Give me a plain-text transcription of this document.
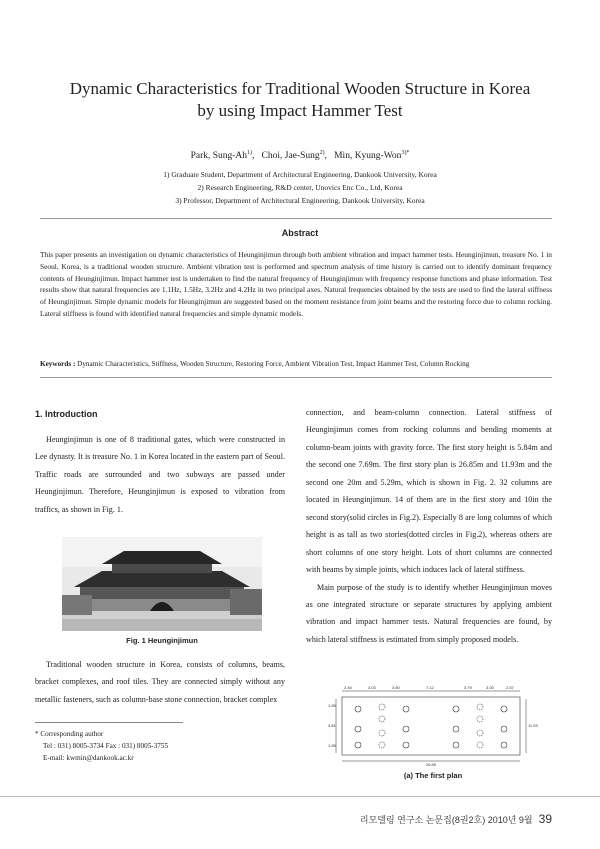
Dynamic Characteristics for Traditional Wooden Structure in Korea
by using Impact Hammer Test
Park, Sung-Ah$^{1)}$,   Choi, Jae-Sung$^{2)}$,   Min, Kyung-Won$^{3)*}$
1) Graduate Student, Department of Architectural Engineering, Dankook University, Korea
2) Research Engineering, R&D center, Unovics Enc Co., Ltd, Korea
3) Professor, Department of Architectural Engineering, Dankook University, Korea
Abstract
This paper presents an investigation on dynamic characteristics of Heunginjimun through both ambient vibration and impact hammer tests. Heunginjimun, treasure No. 1 in Seoul, Korea, is a traditional wooden structure. Ambient vibration test is performed and spectrum analysis of time history is carried out to identify dominant frequency contents of Heunginjimun. Impact hammer test is undertaken to find the natural frequency of Heunginjimun with frequency response functions and phase information. Test results show that natural frequencies are 1.1Hz, 1.5Hz, 3.2Hz and 4.2Hz in two principal axes. Natural frequencies obtained by the tests are used to find the lateral stiffness of Heunginjimun. Simple dynamic models for Heunginjimun are suggested based on the moment resistance from joint beams and the restoring force due to column rocking. Lateral stiffness is found with identified natural frequencies and simple dynamic models.
Keywords : Dynamic Characteristics, Stiffness, Wooden Structure, Restoring Force, Ambient Vibration Test, Impact Hammer Test, Column Rocking
1. Introduction
Heunginjimun is one of 8 traditional gates, which were constructed in Lee dynasty. It is treasure No. 1 in Korea located in the eastern part of Seoul. Traffic roads are surrounded and two subways are passed under Heunginjimun. Therefore, Heunginjimun is exposed to vibration from traffics, as shown in Fig. 1.
Fig. 1 Heunginjimun
Traditional wooden structure in Korea, consists of columns, beams, bracket complexes, and roof tiles. They are connected simply without any metallic fasteners, such as column-base stone connection, bracket complex
* Corresponding author
Tel : 031) 8005-3734 Fax : 031) 8005-3755
E-mail: kwmin@dankook.ac.kr
connection, and beam-column connection. Lateral stiffness of Heunginjimun comes from rocking columns and bending moments at column-beam joints with gravity force. The first story height is 5.84m and the second one 7.69m. The first story plan is 26.85m and 11.93m and the second one 20m and 5.29m, which is shown in Fig. 2. 32 columns are located in Heunginjimun. 14 of them are in the first story and 10in the second story(solid circles in Fig.2). Especially 8 are long columns of which height is as tall as two stories(dotted circles in Fig.2), whereas others are short columns of one story height. Lots of short columns are connected with beams by simple joints, which induces lack of lateral stiffness.
Main purpose of the study is to identify whether Heunginjimun moves as one integrated structure or separate structures by applying ambient vibration and impact hammer tests. Natural frequencies are found, by which lateral stiffness is estimated from simply proposed models.
2.46	3.03	3.80	7.12	3.79	3.05	2.57
26.85
1.55
3.81
1.55
11.93
(a) The first plan
리모델링 연구소 논문집(8권2호) 2010년 9월 39
